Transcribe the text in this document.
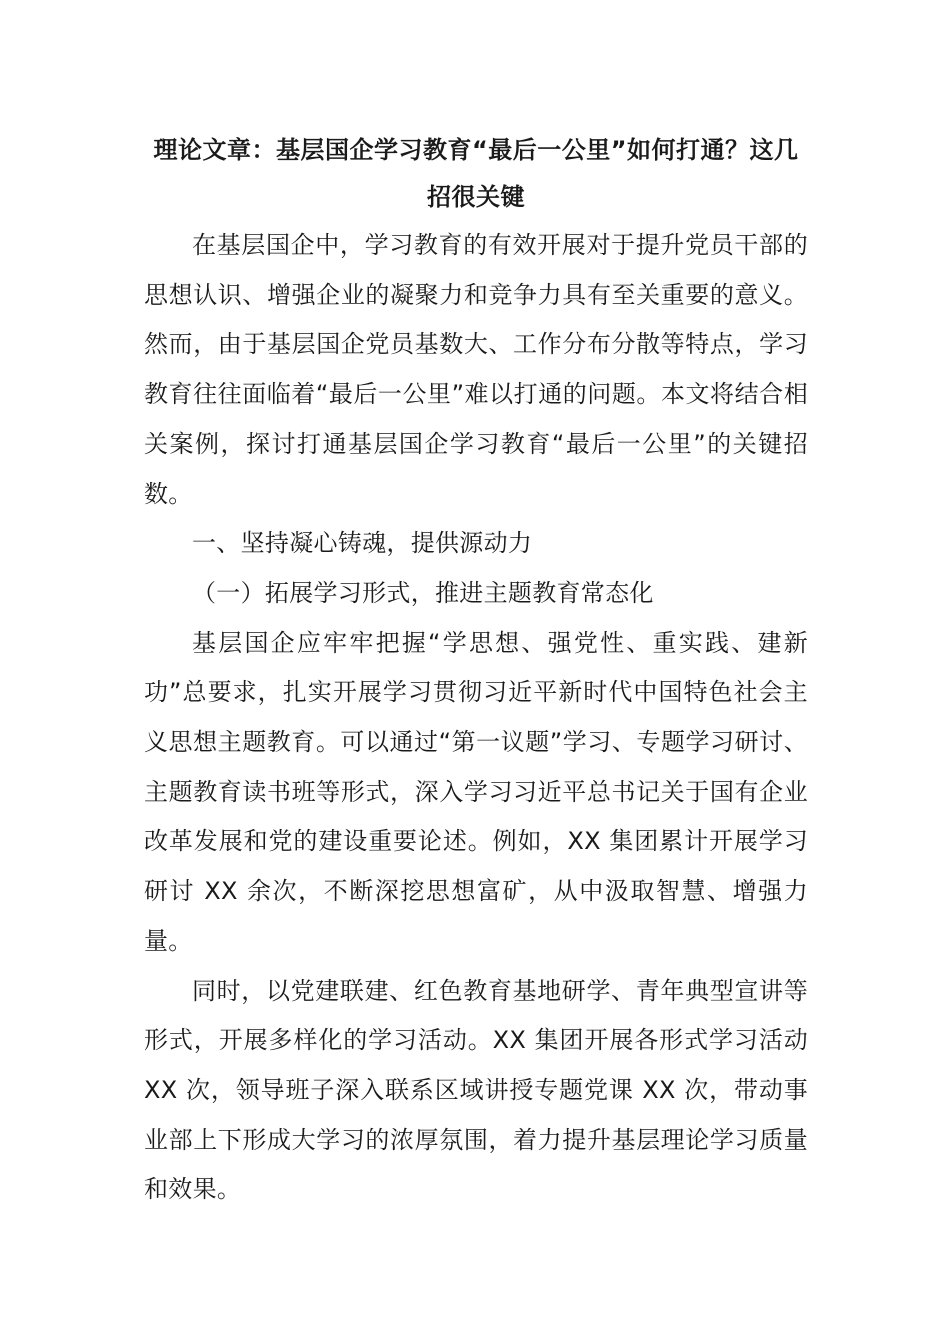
理论文章：基层国企学习教育“最后一公里”如何打通？这几招很关键

在基层国企中，学习教育的有效开展对于提升党员干部的思想认识、增强企业的凝聚力和竞争力具有至关重要的意义。然而，由于基层国企党员基数大、工作分布分散等特点，学习教育往往面临着“最后一公里”难以打通的问题。本文将结合相关案例，探讨打通基层国企学习教育“最后一公里”的关键招数。

一、坚持凝心铸魂，提供源动力

（一）拓展学习形式，推进主题教育常态化

基层国企应牢牢把握“学思想、强党性、重实践、建新功”总要求，扎实开展学习贯彻习近平新时代中国特色社会主义思想主题教育。可以通过“第一议题”学习、专题学习研讨、主题教育读书班等形式，深入学习习近平总书记关于国有企业改革发展和党的建设重要论述。例如，XX 集团累计开展学习研讨 XX 余次，不断深挖思想富矿，从中汲取智慧、增强力量。

同时，以党建联建、红色教育基地研学、青年典型宣讲等形式，开展多样化的学习活动。XX 集团开展各形式学习活动 XX 次，领导班子深入联系区域讲授专题党课 XX 次，带动事业部上下形成大学习的浓厚氛围，着力提升基层理论学习质量和效果。
